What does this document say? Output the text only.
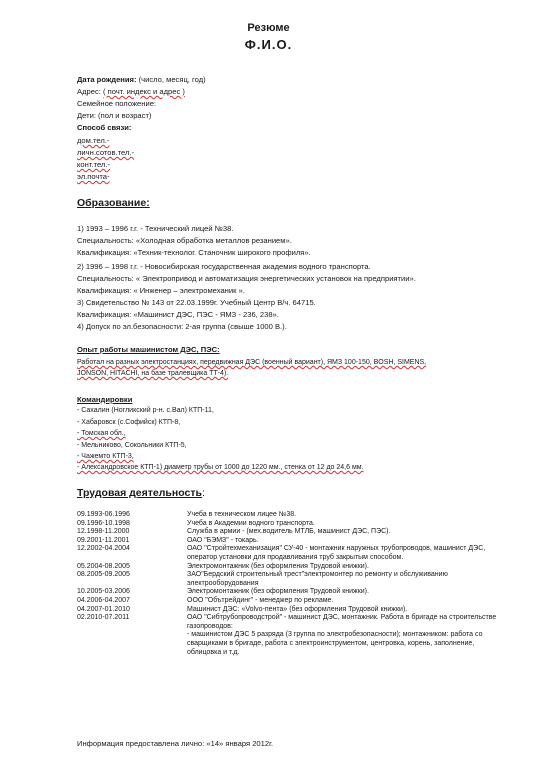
Резюме
Ф.И.О.
Дата рождения: (число, месяц, год)
Адрес: ( почт. индекс и адрес )
Семейное положение:
Дети: (пол и возраст)
Способ связи:
дом.тел.-
личн.сотов.тел.-
конт.тел.-
эл.почта-
Образование:
1) 1993 – 1996 г.г. - Технический лицей №38.
Специальность: «Холодная обработка металлов резанием».
Квалификация: «Техник-технолог. Станочник широкого профиля».
2) 1996 – 1998 г.г. - Новосибирская государственная академия водного транспорта.
Специальность: « Электропривод и автоматизация энергетических установок на предприятии».
Квалификация: « Инженер – электромеханик ».
3) Свидетельство № 143 от 22.03.1999г. Учебный Центр В/ч. 64715.
Квалификация: «Машинист ДЭС, ПЭС - ЯМЗ - 236, 238».
4) Допуск по эл.безопасности: 2-ая группа (свыше 1000 В.).
Опыт работы машинистом ДЭС, ПЭС:
Работал на разных электростанциях, передвижная ДЭС (военный вариант), ЯМЗ 100-150, BOSH, SIMENS,
JONSON, HITACHI, на базе тралевщика ТТ-4).
Командировки
- Сахалин (Ногликский р-н. с.Вал) КТП-11,
- Хабаровск (с.Софийск) КТП-8,
- Томская обл.,
- Мельниково, Сокольники КТП-5,
- Чажемто КТП-3,
- Александровское КТП-1) диаметр трубы от 1000 до 1220 мм., стенка от 12 до 24,6 мм.
Трудовая деятельность:
09.1993-06.1996	Учеба в техническом лицее №38.
09.1996-10.1998	Учеба в Академии водного транспорта.
12.1998-11.2000	Служба в армии - (мех.водитель МТЛБ, машинист ДЭС, ПЭС).
09.2001-11.2001	ОАО "БЭМЗ" - токарь.
12.2002-04.2004	ОАО "Стройтехмеханизация" СУ-40 - монтажник наружных трубопроводов, машинист ДЭС, оператор установки для продавливания труб закрытым способом.
05.2004-08.2005	Электромонтажник (без оформления Трудовой книжки).
08.2005-09.2005	ЗАО"Бердский строительный трест"электромонтер по ремонту и обслуживанию электрооборудования
10.2005-03.2006	Электромонтажник (без оформления Трудовой книжки).
04.2006-04.2007	ООО "Обътрейдинг" - менеджер по рекламе.
04.2007-01.2010	Машинист ДЭС: «Volvo-пента» (без оформления Трудовой книжки).
02.2010-07.2011	ОАО "Сибтрубопроводстрой" - машинист ДЭС, монтажник. Работа в бригаде на строительстве газопроводов:
- машинистом ДЭС 5 разряда (3 группа по электробезопасности); монтажником: работа со сварщиками в бригаде, работа с электроинструментом, центровка, корень, заполнение, облицовка и т.д.
Информация предоставлена лично: «14» января 2012г.
